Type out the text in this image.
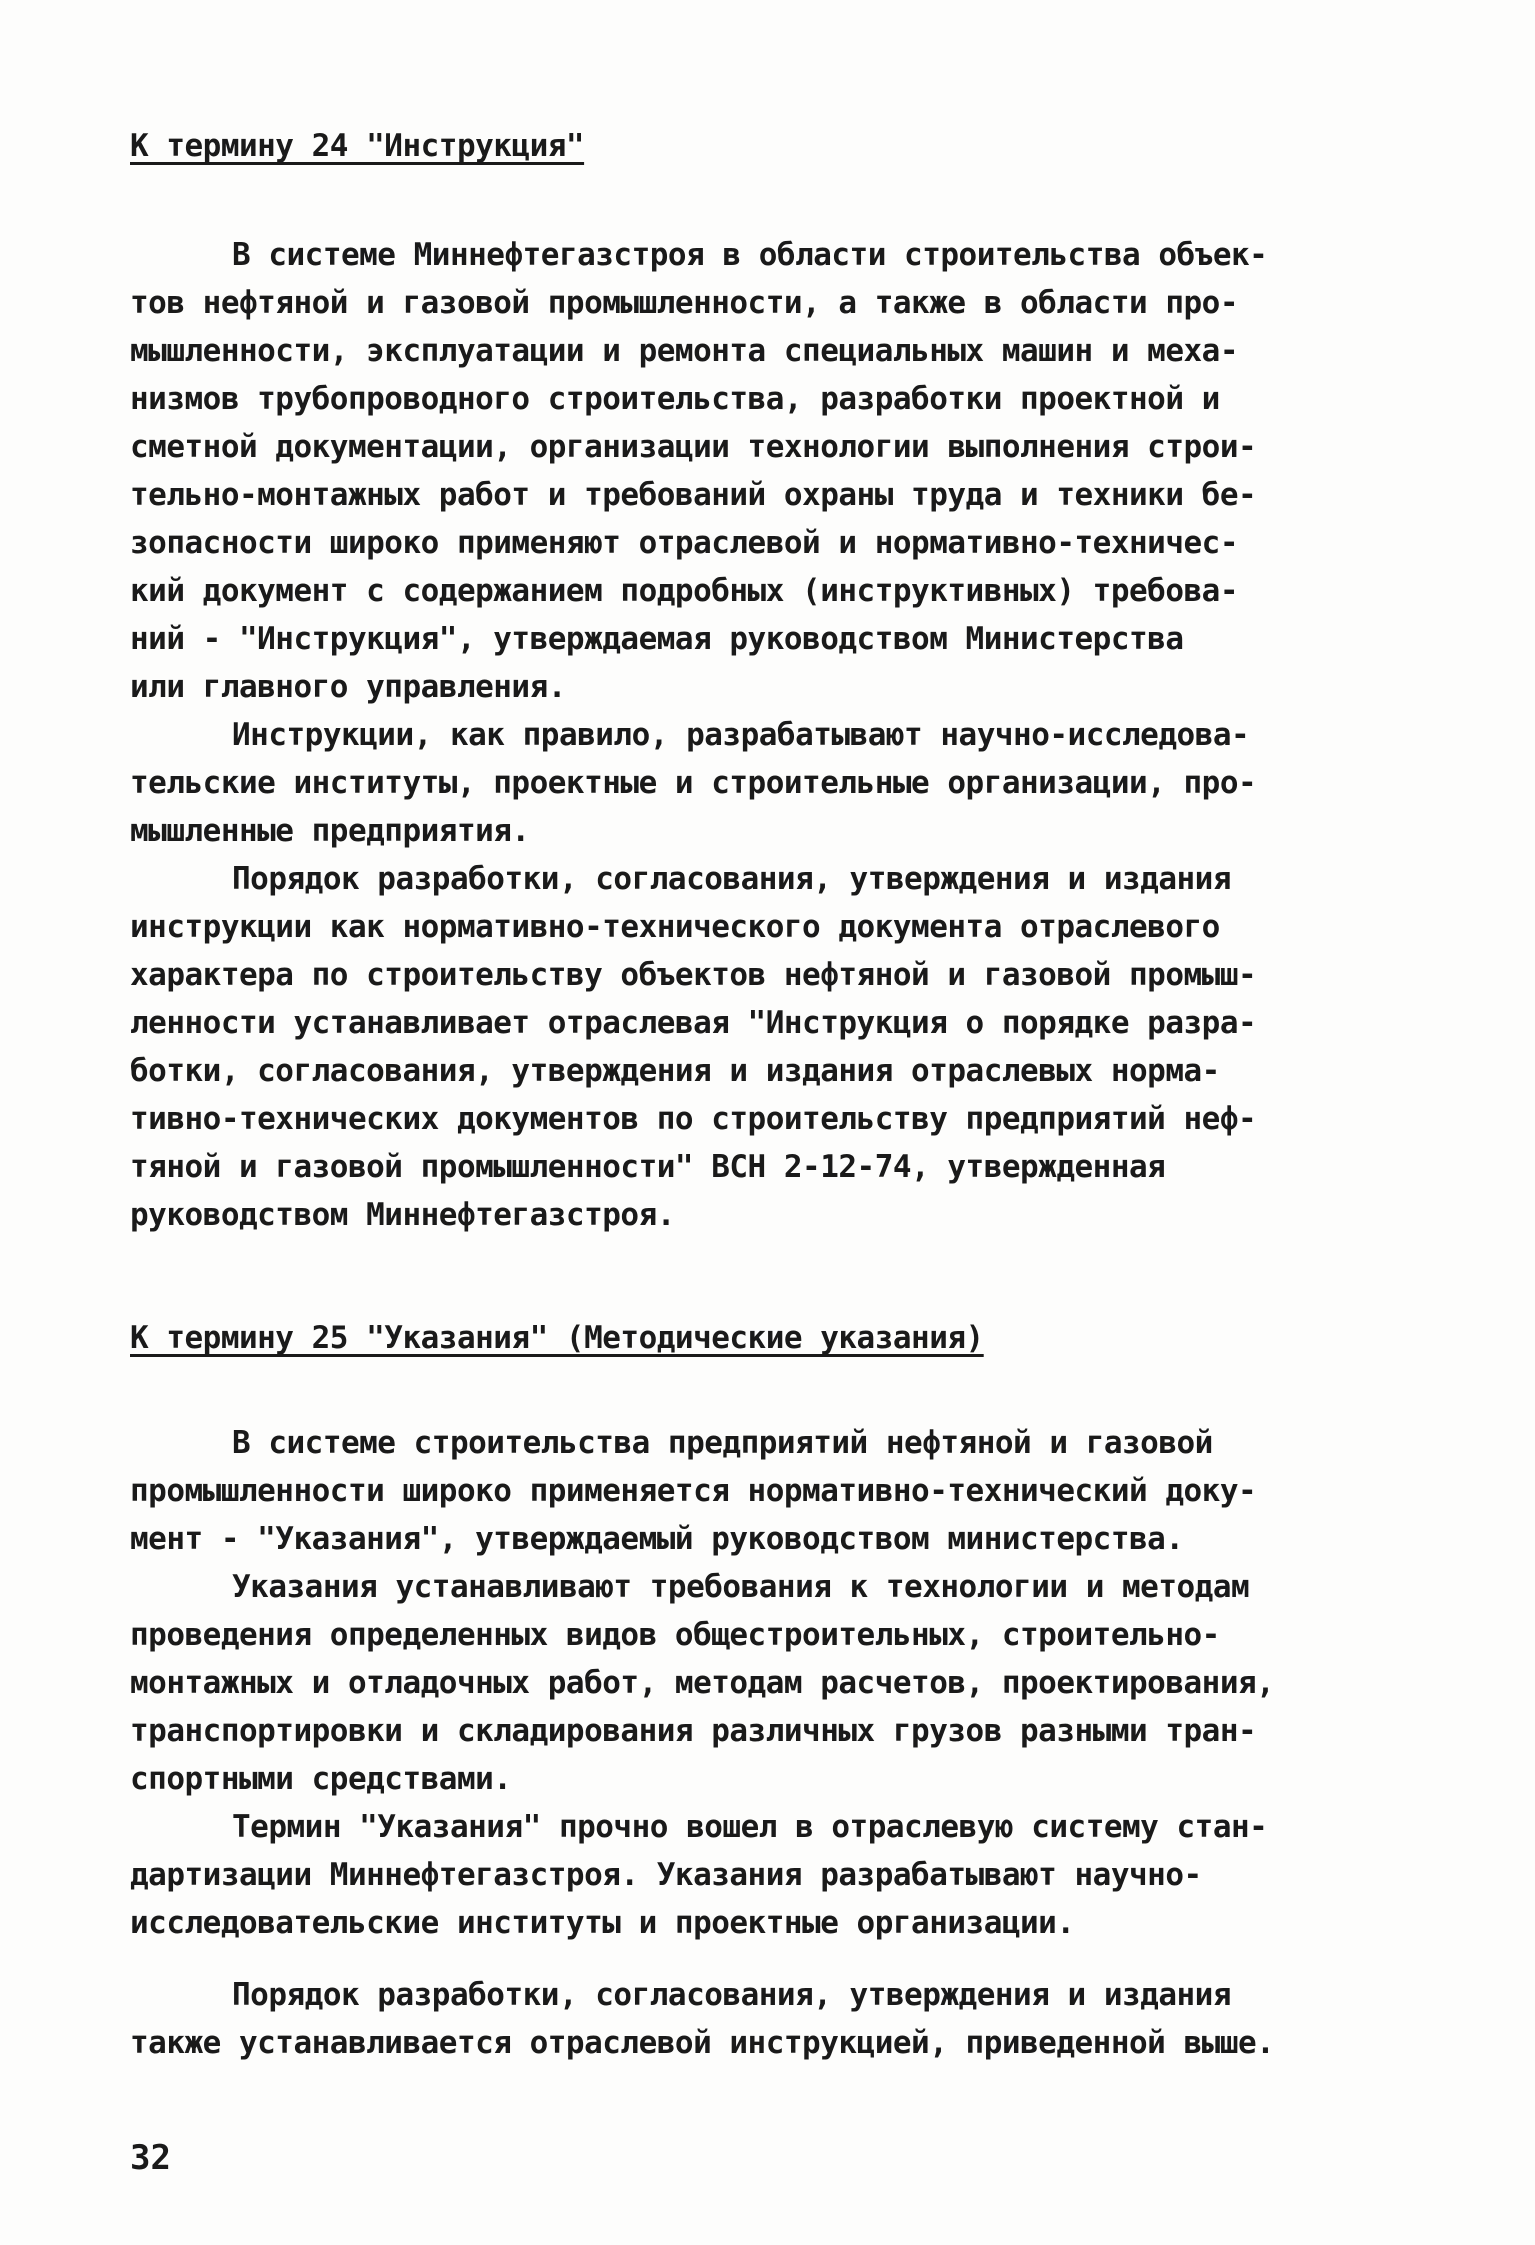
К термину 24 "Инструкция"
В системе Миннефтегазстроя в области строительства объек-
тов нефтяной и газовой промышленности, а также в области про-
мышленности, эксплуатации и ремонта специальных машин и меха-
низмов трубопроводного строительства, разработки проектной и
сметной документации, организации технологии выполнения строи-
тельно-монтажных работ и требований охраны труда и техники бе-
зопасности широко применяют отраслевой и нормативно-техничес-
кий документ с содержанием подробных (инструктивных) требова-
ний - "Инструкция", утверждаемая руководством Министерства
или главного управления.
Инструкции, как правило, разрабатывают научно-исследова-
тельские институты, проектные и строительные организации, про-
мышленные предприятия.
Порядок разработки, согласования, утверждения и издания
инструкции как нормативно-технического документа отраслевого
характера по строительству объектов нефтяной и газовой промыш-
ленности устанавливает отраслевая "Инструкция о порядке разра-
ботки, согласования, утверждения и издания отраслевых норма-
тивно-технических документов по строительству предприятий неф-
тяной и газовой промышленности" ВСН 2-12-74, утвержденная
руководством Миннефтегазстроя.
К термину 25 "Указания" (Методические указания)
В системе строительства предприятий нефтяной и газовой
промышленности широко применяется нормативно-технический доку-
мент - "Указания", утверждаемый руководством министерства.
Указания устанавливают требования к технологии и методам
проведения определенных видов общестроительных, строительно-
монтажных и отладочных работ, методам расчетов, проектирования,
транспортировки и складирования различных грузов разными тран-
спортными средствами.
Термин "Указания" прочно вошел в отраслевую систему стан-
дартизации Миннефтегазстроя. Указания разрабатывают научно-
исследовательские институты и проектные организации.
Порядок разработки, согласования, утверждения и издания
также устанавливается отраслевой инструкцией, приведенной выше.
32
